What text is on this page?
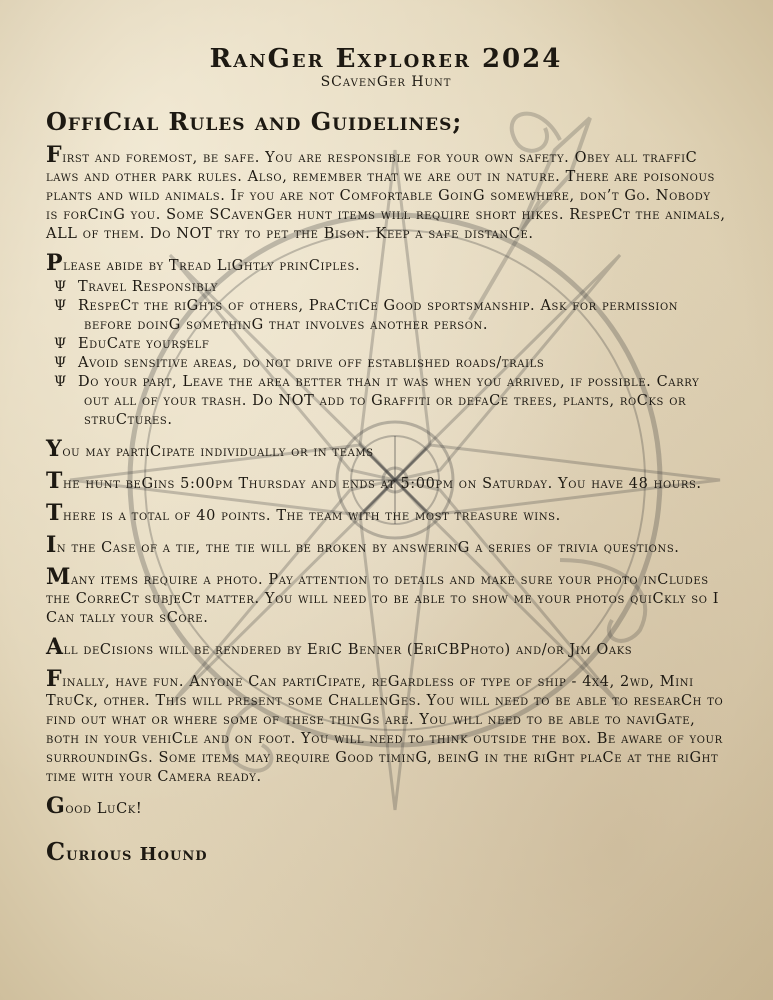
RanGer Explorer 2024
SCavenGer Hunt
OffiCial Rules and Guidelines;

First and foremost, be safe. You are responsible for your own safety. Obey all traffiC laws and other park rules. Also, remember that we are out in nature. There are poisonous plants and wild animals. If you are not Comfortable GoinG somewhere, don’t Go. Nobody is forCinG you. Some SCavenGer hunt items will require short hikes. RespeCt the animals, ALL of them. Do NOT try to pet the Bison. Keep a safe distanCe.

Please abide by Tread LiGhtly prinCiples.

Ψ Travel Responsibly
Ψ RespeCt the riGhts of others, PraCtiCe Good sportsmanship. Ask for permission before doinG somethinG that involves another person.
Ψ EduCate yourself
Ψ Avoid sensitive areas, do not drive off established roads/trails
Ψ Do your part, Leave the area better than it was when you arrived, if possible. Carry out all of your trash. Do NOT add to Graffiti or defaCe trees, plants, roCks or struCtures.

You may partiCipate individually or in teams

The hunt beGins 5:00pm Thursday and ends at 5:00pm on Saturday. You have 48 hours.

There is a total of 40 points. The team with the most treasure wins.

In the Case of a tie, the tie will be broken by answerinG a series of trivia questions.

Many items require a photo. Pay attention to details and make sure your photo inCludes the CorreCt subjeCt matter. You will need to be able to show me your photos quiCkly so I Can tally your sCore.

All deCisions will be rendered by EriC Benner (EriCBPhoto) and/or Jim Oaks

Finally, have fun. Anyone Can partiCipate, reGardless of type of ship - 4x4, 2wd, Mini TruCk, other. This will present some ChallenGes. You will need to be able to researCh to find out what or where some of these thinGs are. You will need to be able to naviGate, both in your vehiCle and on foot. You will need to think outside the box. Be aware of your surroundinGs. Some items may require Good timinG, beinG in the riGht plaCe at the riGht time with your Camera ready.

Good LuCk!

Curious Hound
